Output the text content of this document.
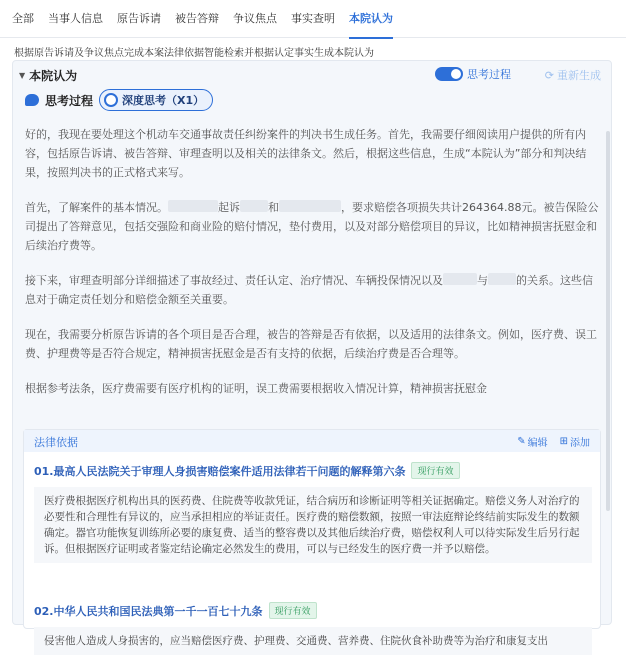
全部 当事人信息 原告诉请 被告答辩 争议焦点 事实查明 本院认为
根据原告诉请及争议焦点完成本案法律依据智能检索并根据认定事实生成本院认为
▼ 本院认为	思考过程	⟳ 重新生成
思考过程	深度思考（X1）

好的，我现在要处理这个机动车交通事故责任纠纷案件的判决书生成任务。首先，我需要仔细阅读用户提供的所有内容，包括原告诉请、被告答辩、审理查明以及相关的法律条文。然后，根据这些信息，生成“本院认为”部分和判决结果，按照判决书的正式格式来写。

首先，了解案件的基本情况。	起诉	和	，要求赔偿各项损失共计264364.88元。被告保险公司提出了答辩意见，包括交强险和商业险的赔付情况，垫付费用，以及对部分赔偿项目的异议，比如精神损害抚慰金和后续治疗费等。

接下来，审理查明部分详细描述了事故经过、责任认定、治疗情况、车辆投保情况以及	与	的关系。这些信息对于确定责任划分和赔偿金额至关重要。

现在，我需要分析原告诉请的各个项目是否合理，被告的答辩是否有依据，以及适用的法律条文。例如，医疗费、误工费、护理费等是否符合规定，精神损害抚慰金是否有支持的依据，后续治疗费是否合理等。

根据参考法条，医疗费需要有医疗机构的证明，误工费需要根据收入情况计算，精神损害抚慰金

法律依据	✎ 编辑 ⊞ 添加
01.最高人民法院关于审理人身损害赔偿案件适用法律若干问题的解释第六条	现行有效
医疗费根据医疗机构出具的医药费、住院费等收款凭证，结合病历和诊断证明等相关证据确定。赔偿义务人对治疗的必要性和合理性有异议的，应当承担相应的举证责任。医疗费的赔偿数额，按照一审法庭辩论终结前实际发生的数额确定。器官功能恢复训练所必要的康复费、适当的整容费以及其他后续治疗费，赔偿权利人可以待实际发生后另行起诉。但根据医疗证明或者鉴定结论确定必然发生的费用，可以与已经发生的医疗费一并予以赔偿。
02.中华人民共和国民法典第一千一百七十九条	现行有效
侵害他人造成人身损害的，应当赔偿医疗费、护理费、交通费、营养费、住院伙食补助费等为治疗和康复支出
